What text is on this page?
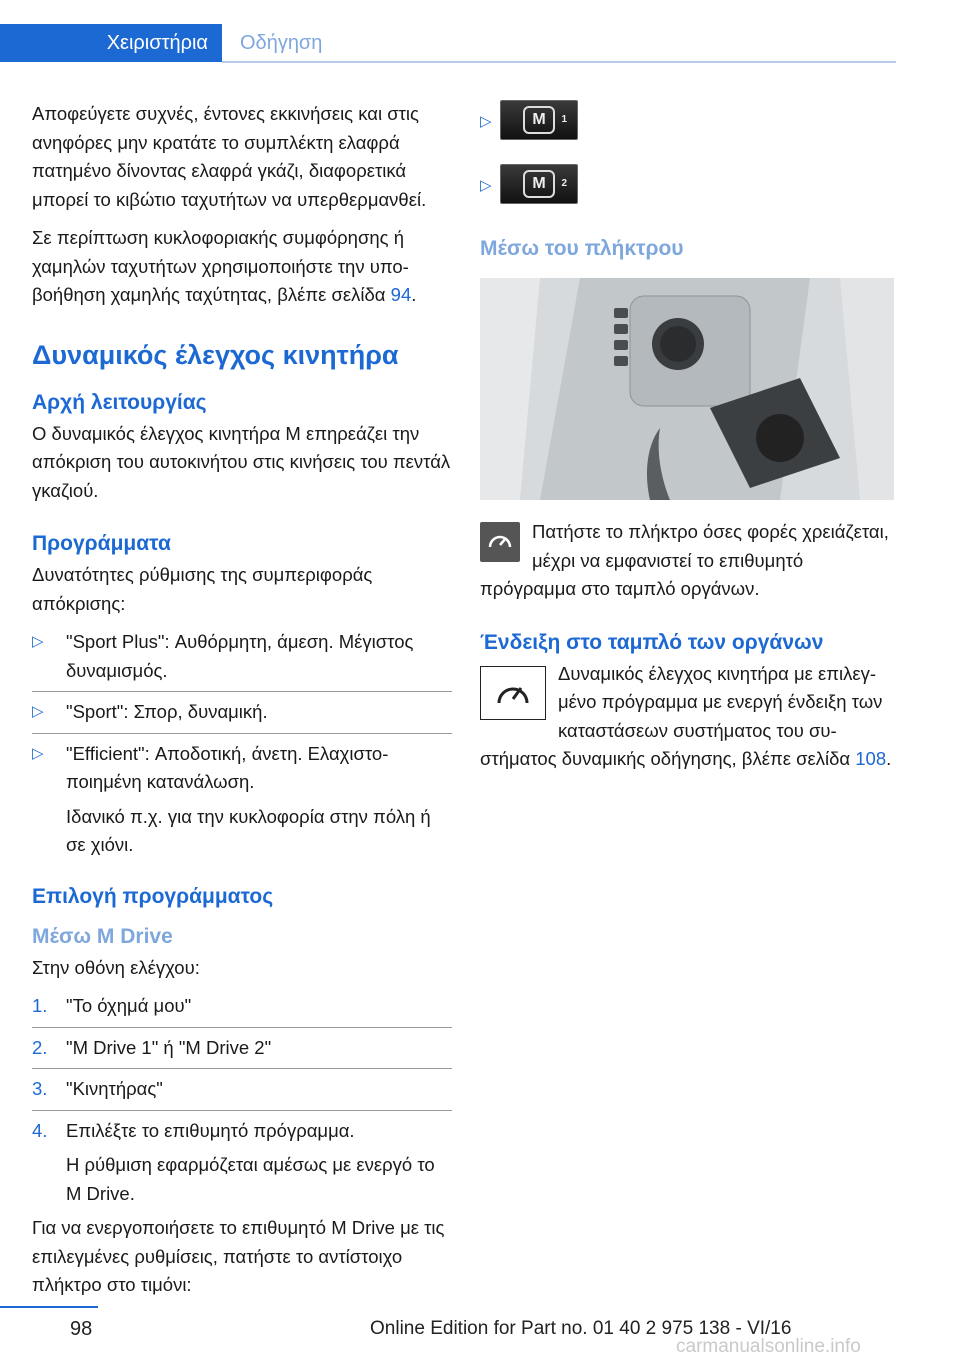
Χειριστήρια	Οδήγηση

Αποφεύγετε συχνές, έντονες εκκινήσεις και στις ανηφόρες μην κρατάτε το συμπλέκτη ελαφρά πατημένο δίνοντας ελαφρά γκάζι, διαφορετικά μπορεί το κιβώτιο ταχυτήτων να υπερθερμανθεί.

Σε περίπτωση κυκλοφοριακής συμφόρησης ή χαμηλών ταχυτήτων χρησιμοποιήστε την υποβοήθηση χαμηλής ταχύτητας, βλέπε σελίδα 94.

Δυναμικός έλεγχος κινητήρα
Αρχή λειτουργίας

Ο δυναμικός έλεγχος κινητήρα Μ επηρεάζει την απόκριση του αυτοκινήτου στις κινήσεις του πεντάλ γκαζιού.

Προγράμματα

Δυνατότητες ρύθμισης της συμπεριφοράς απόκρισης:

▷ "Sport Plus": Αυθόρμητη, άμεση. Μέγιστος δυναμισμός.
▷ "Sport": Σπορ, δυναμική.
▷ "Efficient": Αποδοτική, άνετη. Ελαχιστοποιημένη κατανάλωση.
Ιδανικό π.χ. για την κυκλοφορία στην πόλη ή σε χιόνι.
Επιλογή προγράμματος
Μέσω M Drive

Στην οθόνη ελέγχου:

1. "Το όχημά μου"
2. "M Drive 1" ή "M Drive 2"
3. "Κινητήρας"
4. Επιλέξτε το επιθυμητό πρόγραμμα.
Η ρύθμιση εφαρμόζεται αμέσως με ενεργό το M Drive.

Για να ενεργοποιήσετε το επιθυμητό M Drive με τις επιλεγμένες ρυθμίσεις, πατήστε το αντίστοιχο πλήκτρο στο τιμόνι:

▷	M 1
▷	M 2
Μέσω του πλήκτρου

Πατήστε το πλήκτρο όσες φορές χρειάζεται, μέχρι να εμφανιστεί το επιθυμητό πρόγραμμα στο ταμπλό οργάνων.

Ένδειξη στο ταμπλό των οργάνων

Δυναμικός έλεγχος κινητήρα με επιλεγμένο πρόγραμμα με ενεργή ένδειξη των καταστάσεων συστήματος του συστήματος δυναμικής οδήγησης, βλέπε σελίδα 108.

98	Online Edition for Part no. 01 40 2 975 138 - VI/16
carmanualsonline.info
